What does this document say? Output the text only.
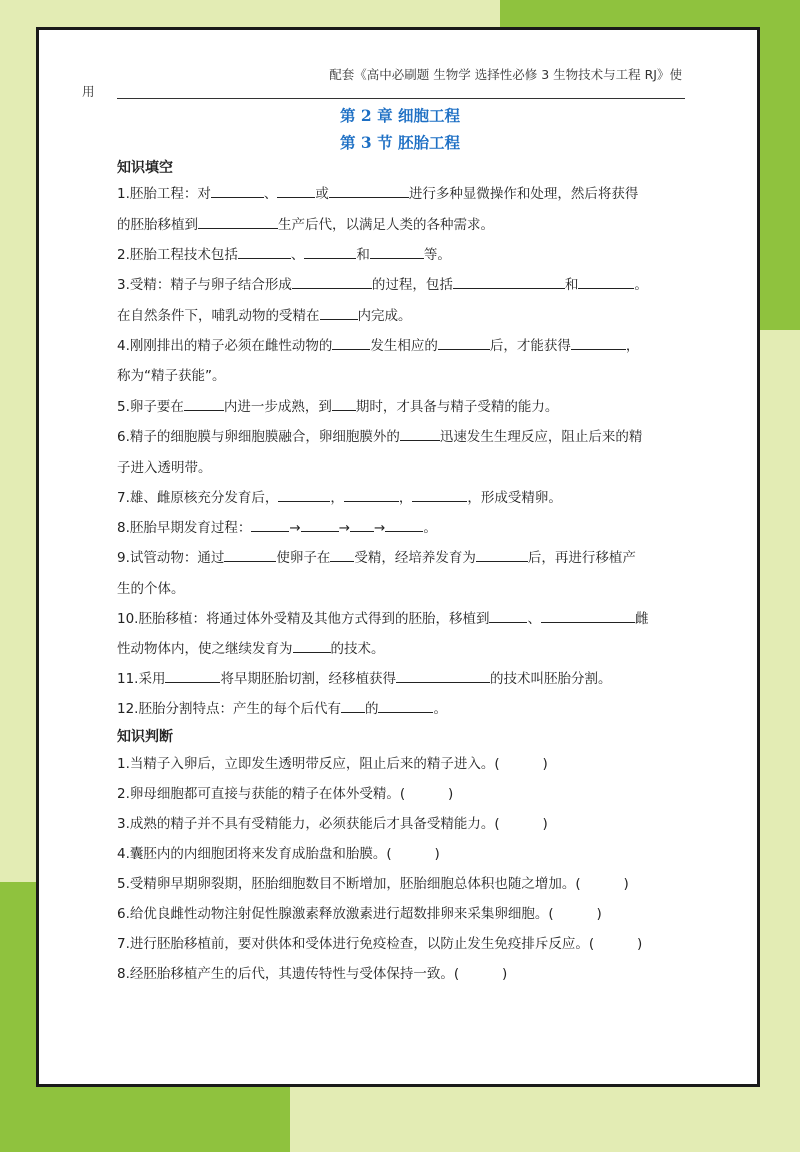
配套《高中必刷题 生物学 选择性必修 3 生物技术与工程 RJ》使
用
第 2 章 细胞工程
第 3 节 胚胎工程
知识填空
1.胚胎工程：对	、	或	进行多种显微操作和处理，然后将获得
的胚胎移植到	生产后代，以满足人类的各种需求。
2.胚胎工程技术包括	、	和	等。
3.受精：精子与卵子结合形成	的过程，包括	和	。
在自然条件下，哺乳动物的受精在	内完成。
4.刚刚排出的精子必须在雌性动物的	发生相应的	后，才能获得	，
称为“精子获能”。
5.卵子要在	内进一步成熟，到 期时，才具备与精子受精的能力。
6.精子的细胞膜与卵细胞膜融合，卵细胞膜外的	迅速发生生理反应，阻止后来的精
子进入透明带。
7.雄、雌原核充分发育后，	，	，	，形成受精卵。
8.胚胎早期发育过程：	→	→ →	。
9.试管动物：通过	使卵子在 受精，经培养发育为	后，再进行移植产
生的个体。
10.胚胎移植：将通过体外受精及其他方式得到的胚胎，移植到	、	雌
性动物体内，使之继续发育为	的技术。
11.采用	将早期胚胎切割，经移植获得	的技术叫胚胎分割。
12.胚胎分割特点：产生的每个后代有 的	。
知识判断
1.当精子入卵后，立即发生透明带反应，阻止后来的精子进入。(          )
2.卵母细胞都可直接与获能的精子在体外受精。(          )
3.成熟的精子并不具有受精能力，必须获能后才具备受精能力。(          )
4.囊胚内的内细胞团将来发育成胎盘和胎膜。(          )
5.受精卵早期卵裂期，胚胎细胞数目不断增加，胚胎细胞总体积也随之增加。(          )
6.给优良雌性动物注射促性腺激素释放激素进行超数排卵来采集卵细胞。(          )
7.进行胚胎移植前，要对供体和受体进行免疫检查，以防止发生免疫排斥反应。(          )
8.经胚胎移植产生的后代，其遗传特性与受体保持一致。(          )
